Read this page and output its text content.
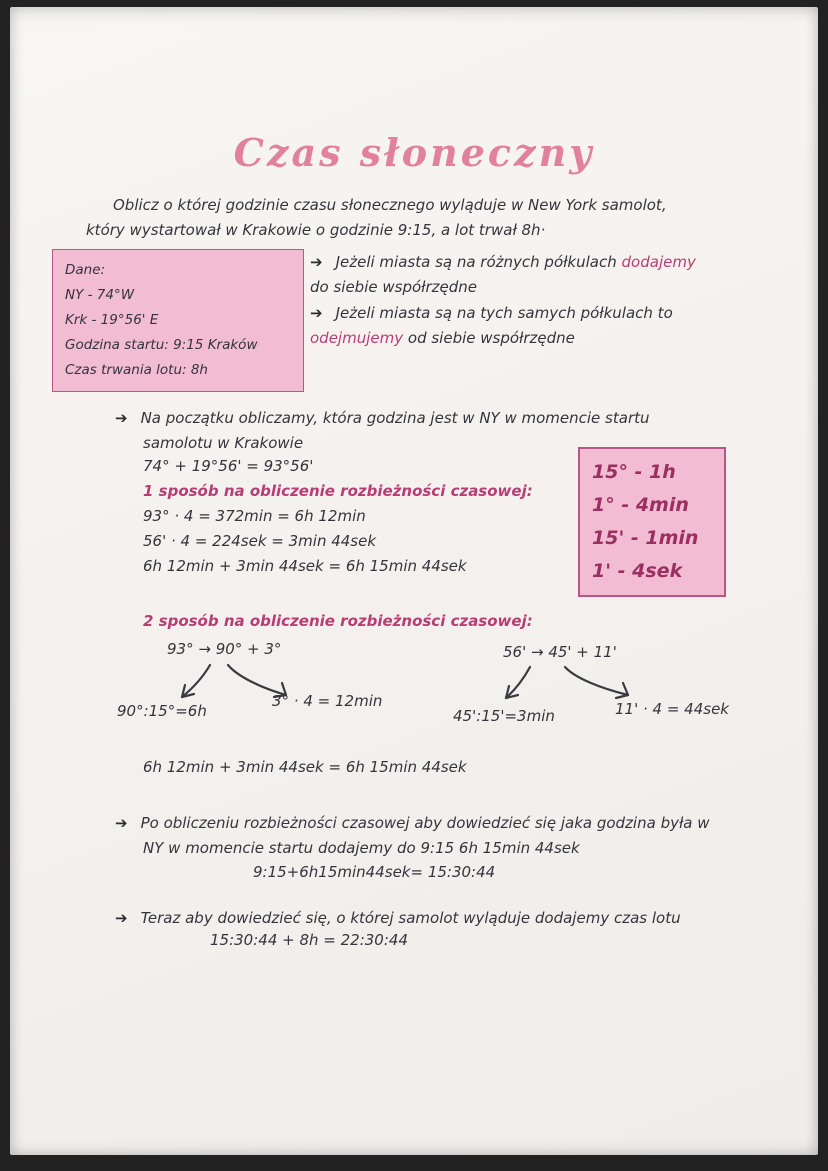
Czas słoneczny
Oblicz o której godzinie czasu słonecznego wyląduje w New York samolot,
który wystartował w Krakowie o godzinie 9:15, a lot trwał 8h·
Dane:
NY - 74°W
Krk - 19°56' E
Godzina startu: 9:15 Kraków
Czas trwania lotu: 8h
➔ Jeżeli miasta są na różnych półkulach dodajemy
do siebie współrzędne
➔ Jeżeli miasta są na tych samych półkulach to
odejmujemy od siebie współrzędne
➔ Na początku obliczamy, która godzina jest w NY w momencie startu
samolotu w Krakowie
74° + 19°56' = 93°56'
1 sposób na obliczenie rozbieżności czasowej:
93° · 4 = 372min = 6h 12min
56' · 4 = 224sek = 3min 44sek
6h 12min + 3min 44sek = 6h 15min 44sek
15° - 1h
1° - 4min
15' - 1min
1' - 4sek
2 sposób na obliczenie rozbieżności czasowej:
93° → 90° + 3°
90°:15°=6h
3° · 4 = 12min
56' → 45' + 11'
45':15'=3min	11' · 4 = 44sek
6h 12min + 3min 44sek = 6h 15min 44sek
➔ Po obliczeniu rozbieżności czasowej aby dowiedzieć się jaka godzina była w
NY w momencie startu dodajemy do 9:15 6h 15min 44sek
9:15+6h15min44sek= 15:30:44
➔ Teraz aby dowiedzieć się, o której samolot wyląduje dodajemy czas lotu
15:30:44 + 8h = 22:30:44
